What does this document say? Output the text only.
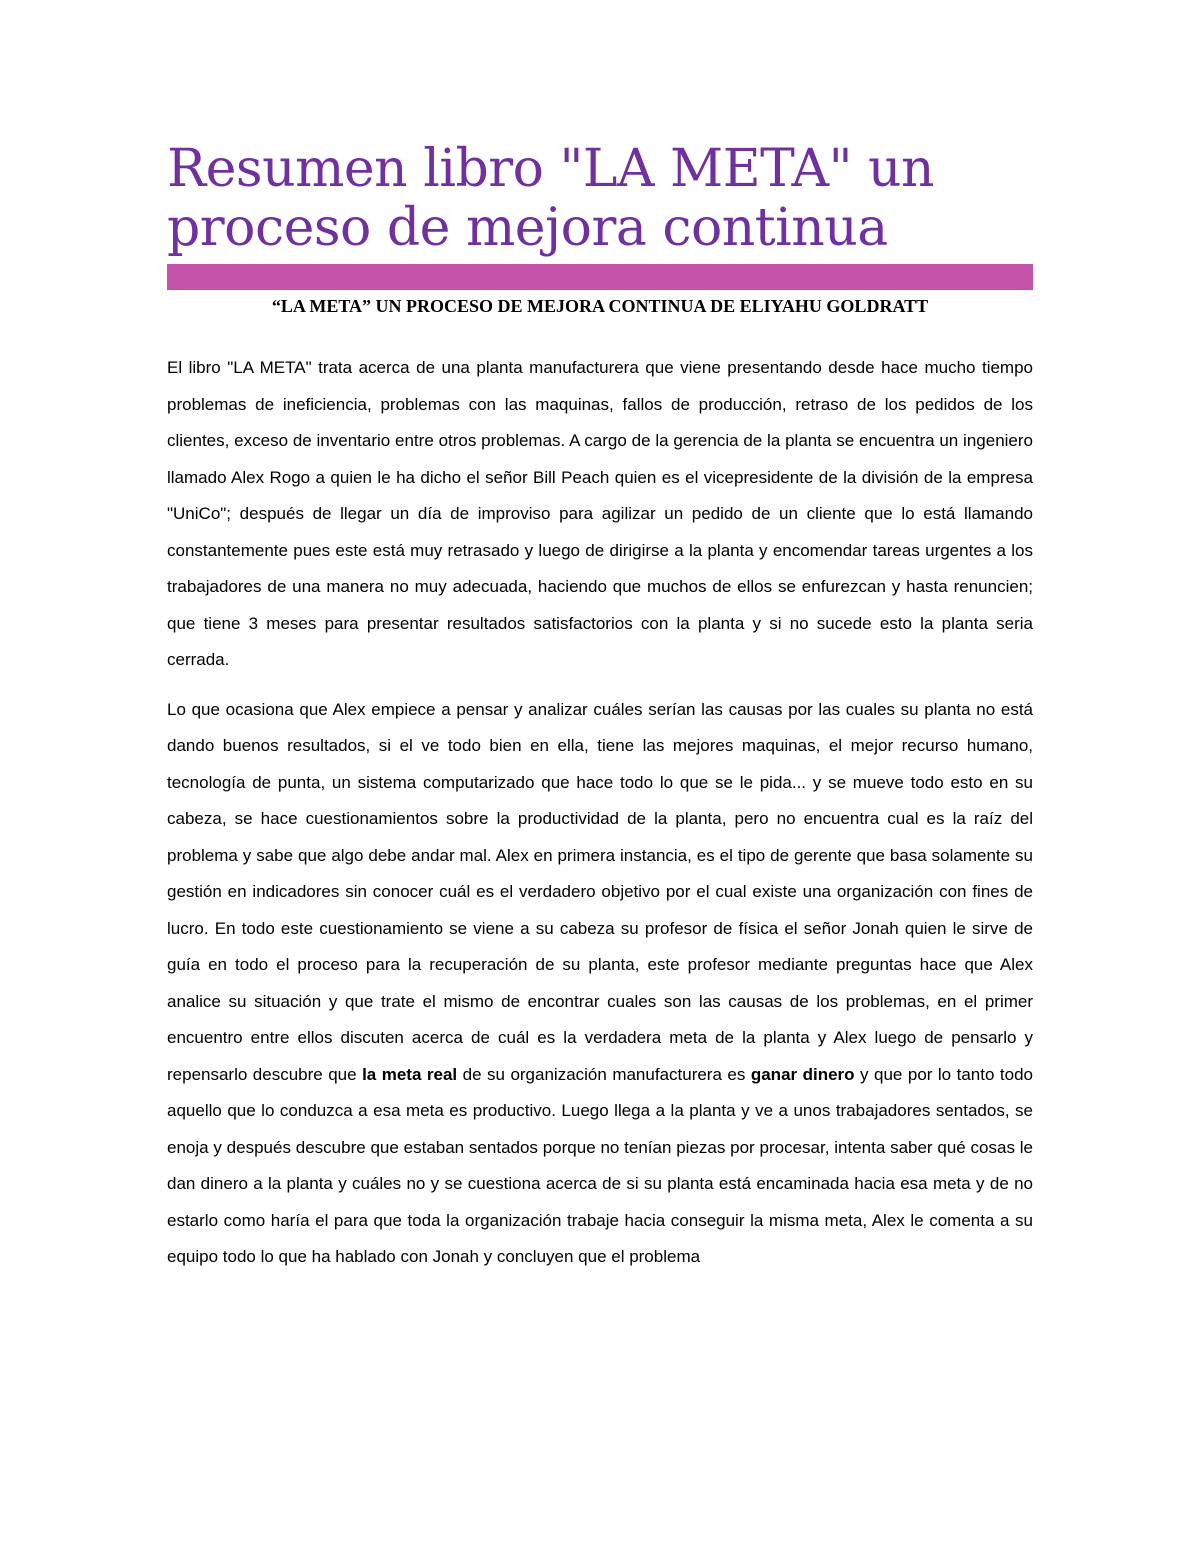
Resumen libro "LA META" un proceso de mejora continua

“LA META” UN PROCESO DE MEJORA CONTINUA DE ELIYAHU GOLDRATT

El libro "LA META" trata acerca de una planta manufacturera que viene presentando desde hace mucho tiempo problemas de ineficiencia, problemas con las maquinas, fallos de producción, retraso de los pedidos de los clientes, exceso de inventario entre otros problemas. A cargo de la gerencia de la planta se encuentra un ingeniero llamado Alex Rogo a quien le ha dicho el señor Bill Peach quien es el vicepresidente de la división de la empresa "UniCo"; después de llegar un día de improviso para agilizar un pedido de un cliente que lo está llamando constantemente pues este está muy retrasado y luego de dirigirse a la planta y encomendar tareas urgentes a los trabajadores de una manera no muy adecuada, haciendo que muchos de ellos se enfurezcan y hasta renuncien; que tiene 3 meses para presentar resultados satisfactorios con la planta y si no sucede esto la planta seria cerrada.

Lo que ocasiona que Alex empiece a pensar y analizar cuáles serían las causas por las cuales su planta no está dando buenos resultados, si el ve todo bien en ella, tiene las mejores maquinas, el mejor recurso humano, tecnología de punta, un sistema computarizado que hace todo lo que se le pida... y se mueve todo esto en su cabeza, se hace cuestionamientos sobre la productividad de la planta, pero no encuentra cual es la raíz del problema y sabe que algo debe andar mal. Alex en primera instancia, es el tipo de gerente que basa solamente su gestión en indicadores sin conocer cuál es el verdadero objetivo por el cual existe una organización con fines de lucro. En todo este cuestionamiento se viene a su cabeza su profesor de física el señor Jonah quien le sirve de guía en todo el proceso para la recuperación de su planta, este profesor mediante preguntas hace que Alex analice su situación y que trate el mismo de encontrar cuales son las causas de los problemas, en el primer encuentro entre ellos discuten acerca de cuál es la verdadera meta de la planta y Alex luego de pensarlo y repensarlo descubre que la meta real de su organización manufacturera es ganar dinero y que por lo tanto todo aquello que lo conduzca a esa meta es productivo. Luego llega a la planta y ve a unos trabajadores sentados, se enoja y después descubre que estaban sentados porque no tenían piezas por procesar, intenta saber qué cosas le dan dinero a la planta y cuáles no y se cuestiona acerca de si su planta está encaminada hacia esa meta y de no estarlo como haría el para que toda la organización trabaje hacia conseguir la misma meta, Alex le comenta a su equipo todo lo que ha hablado con Jonah y concluyen que el problema
